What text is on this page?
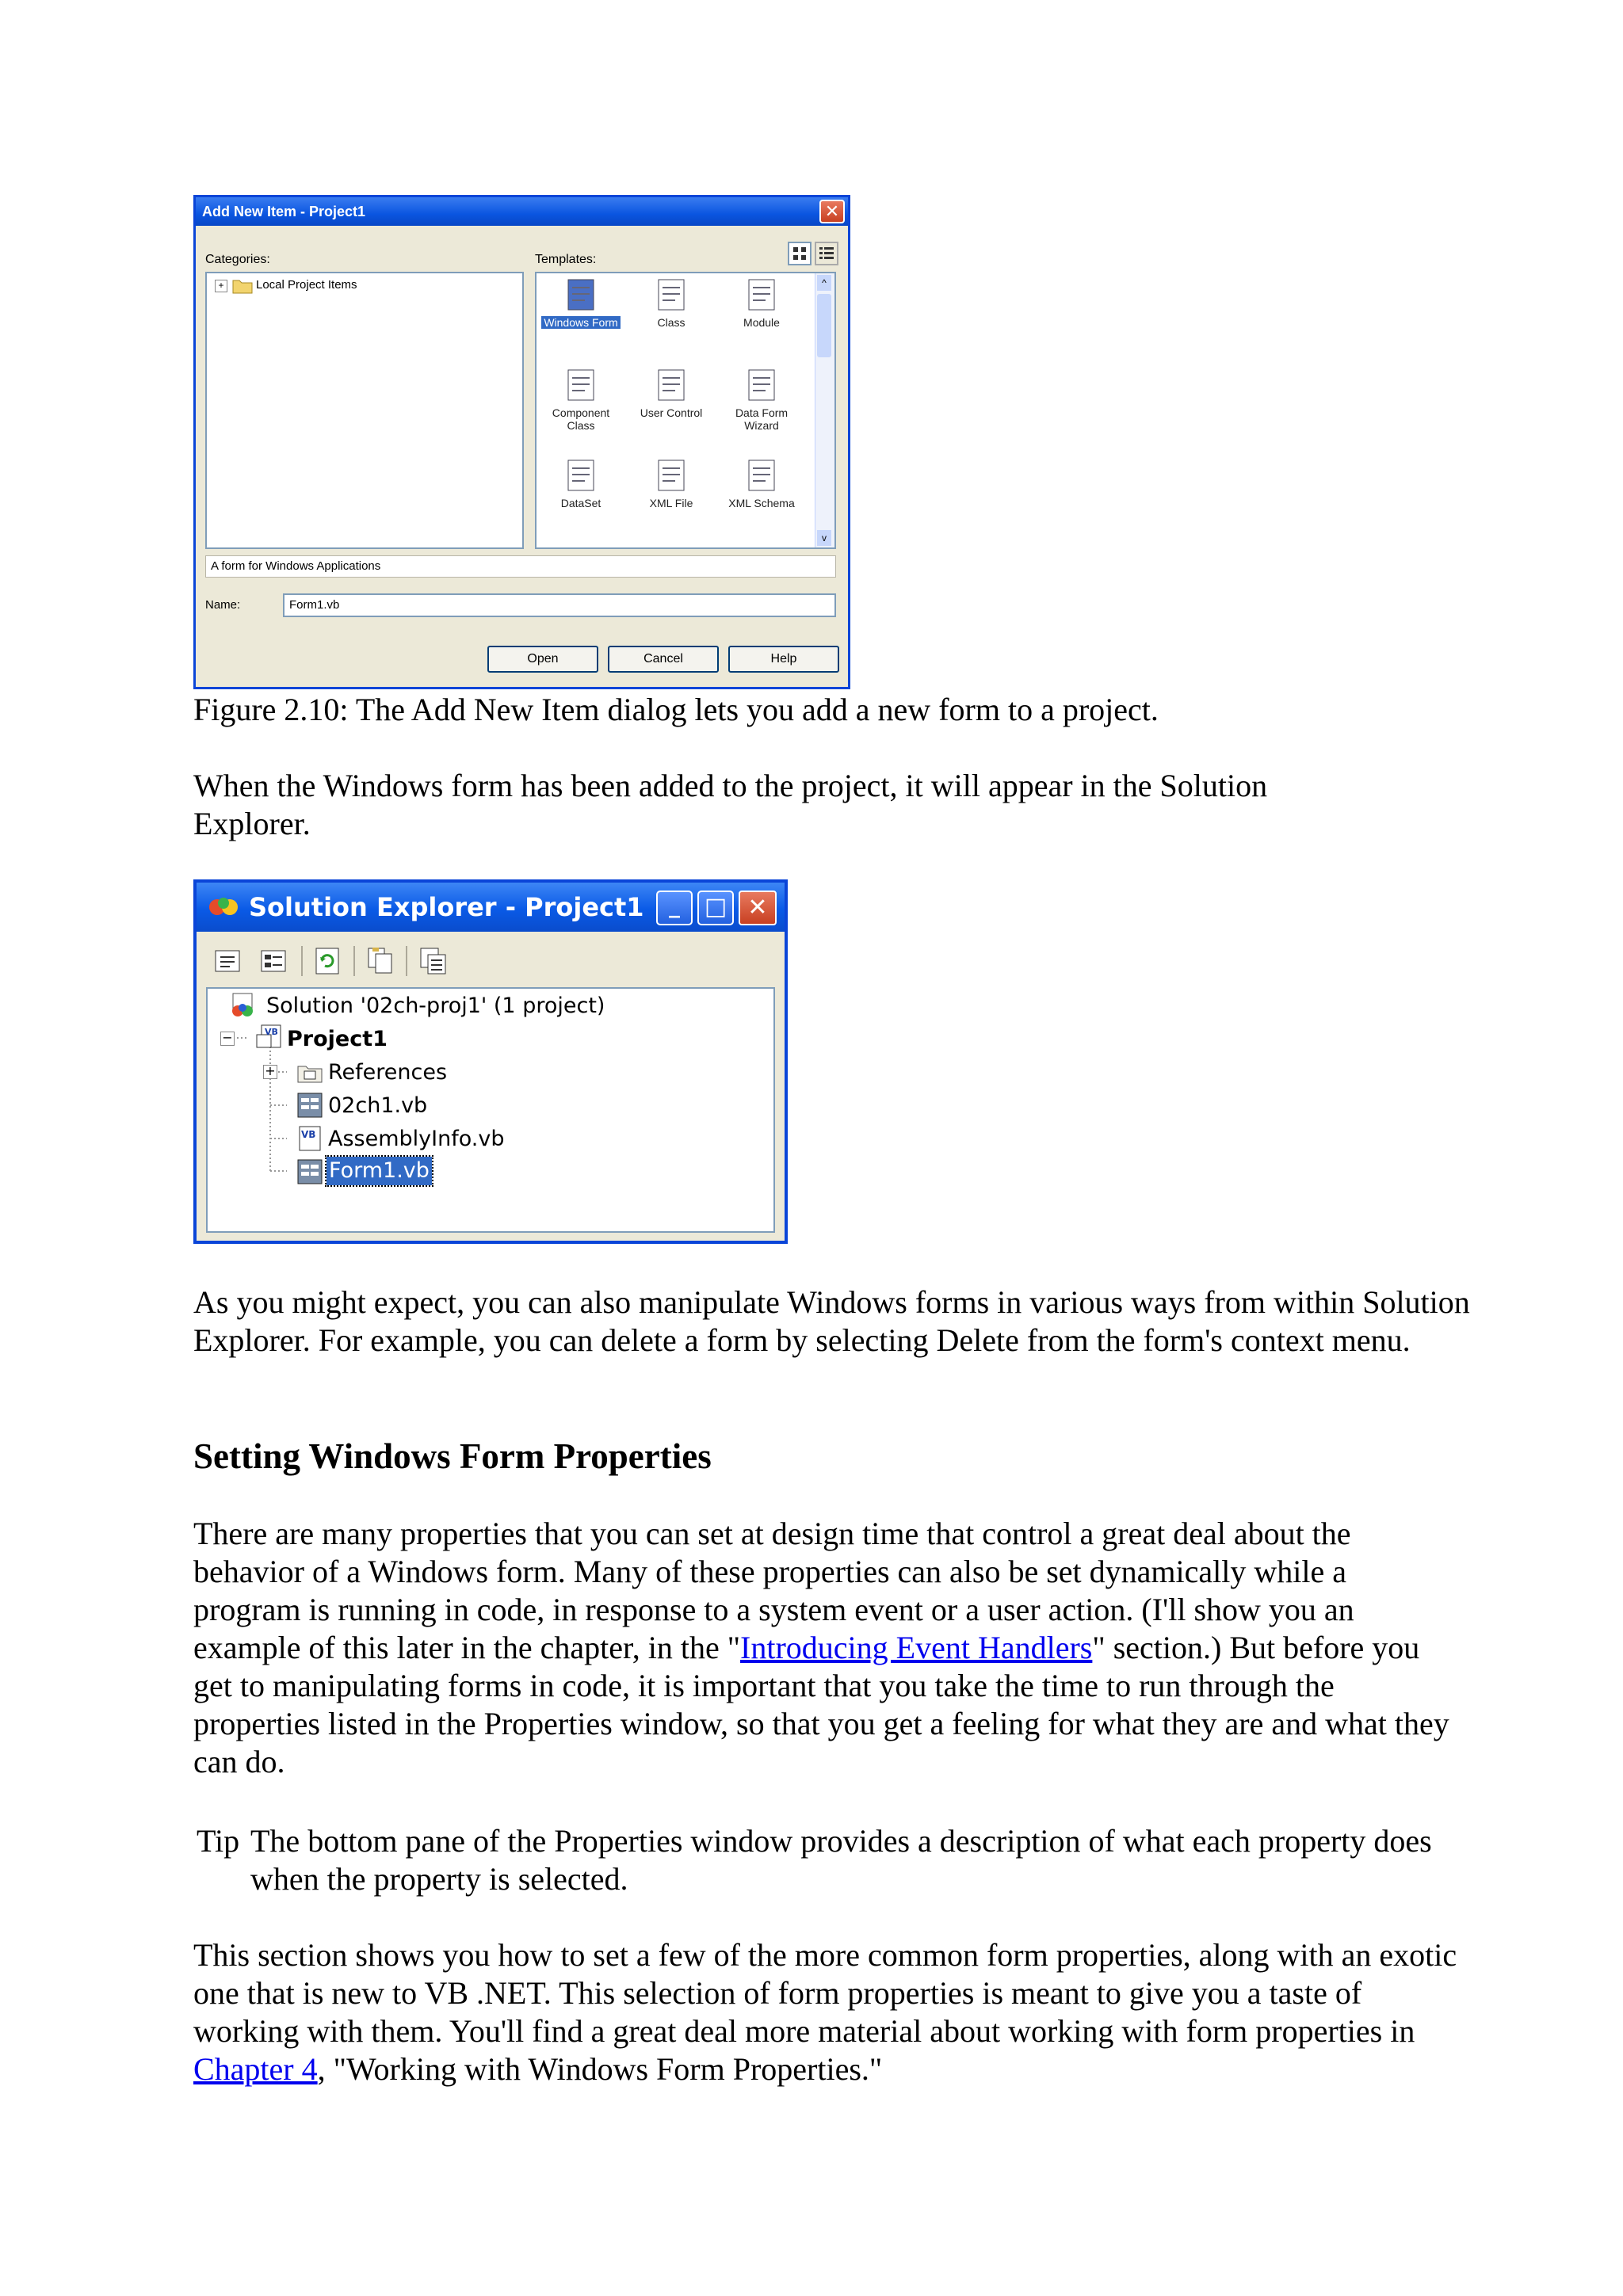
Add New Item - Project1	✕
Categories:	Templates:
+	Local Project Items
Windows Form	Class	Module
Component Class
User Control	Data Form Wizard
DataSet	XML File	XML Schema
^
v
A form for Windows Applications
Name:	Form1.vb
Open	Cancel	Help

Figure 2.10: The Add New Item dialog lets you add a new form to a project.

When the Windows form has been added to the project, it will appear in the Solution Explorer.

Solution Explorer - Project1	_	□ ✕
Solution '02ch-proj1' (1 project)
−	VB Project1
+ References
02ch1.vb
VB AssemblyInfo.vb
Form1.vb

As you might expect, you can also manipulate Windows forms in various ways from within Solution Explorer. For example, you can delete a form by selecting Delete from the form's context menu.

Setting Windows Form Properties

There are many properties that you can set at design time that control a great deal about the behavior of a Windows form. Many of these properties can also be set dynamically while a program is running in code, in response to a system event or a user action. (I'll show you an example of this later in the chapter, in the "Introducing Event Handlers" section.) But before you get to manipulating forms in code, it is important that you take the time to run through the properties listed in the Properties window, so that you get a feeling for what they are and what they can do.

Tip The bottom pane of the Properties window provides a description of what each property does when the property is selected.

This section shows you how to set a few of the more common form properties, along with an exotic one that is new to VB .NET. This selection of form properties is meant to give you a taste of working with them. You'll find a great deal more material about working with form properties in Chapter 4, "Working with Windows Form Properties."
